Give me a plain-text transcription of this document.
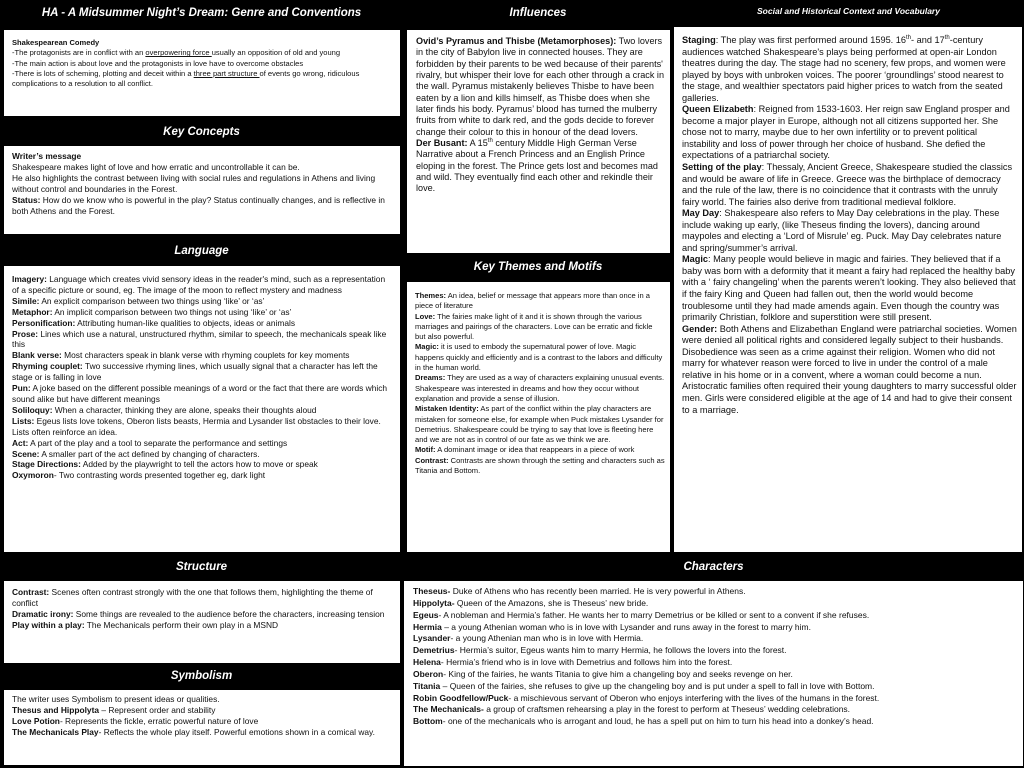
HA - A Midsummer Night’s Dream: Genre and Conventions	Influences	Social and Historical Context and Vocabulary

Shakespearean Comedy

-The protagonists are in conflict with an overpowering force usually an opposition of old and young

-The main action is about love and the protagonists in love have to overcome obstacles

-There is lots of scheming, plotting and deceit within a three part structure of events go wrong, ridiculous complications to a resolution to all conflict.

Key Concepts

Writer’s message

Shakespeare makes light of love and how erratic and uncontrollable it can be.

He also highlights the contrast between living with social rules and regulations in Athens and living without control and boundaries in the Forest.

Status: How do we know who is powerful in the play? Status continually changes, and is reflective in both Athens and the Forest.

Language

Imagery: Language which creates vivid sensory ideas in the reader's mind, such as a representation of a specific picture or sound, eg. The image of the moon to reflect mystery and madness

Simile: An explicit comparison between two things using ‘like’ or ‘as’

Metaphor: An implicit comparison between two things not using ‘like’ or ‘as’

Personification: Attributing human-like qualities to objects, ideas or animals

Prose: Lines which use a natural, unstructured rhythm, similar to speech, the mechanicals speak like this

Blank verse: Most characters speak in blank verse with rhyming couplets for key moments

Rhyming couplet: Two successive rhyming lines, which usually signal that a character has left the stage or is falling in love

Pun: A joke based on the different possible meanings of a word or the fact that there are words which sound alike but have different meanings

Soliloquy: When a character, thinking they are alone, speaks their thoughts aloud

Lists: Egeus lists love tokens, Oberon lists beasts, Hermia and Lysander list obstacles to their love. Lists often reinforce an idea.

Act: A part of the play and a tool to separate the performance and settings

Scene: A smaller part of the act defined by changing of characters.

Stage Directions: Added by the playwright to tell the actors how to move or speak

Oxymoron- Two contrasting words presented together eg, dark light

Structure

Contrast: Scenes often contrast strongly with the one that follows them, highlighting the theme of conflict

Dramatic irony: Some things are revealed to the audience before the characters, increasing tension

Play within a play: The Mechanicals perform their own play in a MSND

Symbolism

The writer uses Symbolism to present ideas or qualities.

Thesus and Hippolyta – Represent order and stability

Love Potion- Represents the fickle, erratic powerful nature of love

The Mechanicals Play- Reflects the whole play itself. Powerful emotions shown in a comical way.

Ovid’s Pyramus and Thisbe (Metamorphoses): Two lovers in the city of Babylon live in connected houses. They are forbidden by their parents to be wed because of their parents' rivalry, but whisper their love for each other through a crack in the wall. Pyramus mistakenly believes Thisbe to have been eaten by a lion and kills himself, as Thisbe does when she later finds his body. Pyramus’ blood has turned the mulberry fruits from white to dark red, and the gods decide to forever change their colour to this in honour of the dead lovers.

Der Busant: A 15th century Middle High German Verse Narrative about a French Princess and an English Prince eloping in the forest. The Prince gets lost and becomes mad and wild. They eventually find each other and rekindle their love.

Key Themes and Motifs

Themes: An idea, belief or message that appears more than once in a piece of literature

Love: The fairies make light of it and it is shown through the various marriages and pairings of the characters. Love can be erratic and fickle but also powerful.

Magic: it is used to embody the supernatural power of love. Magic happens quickly and efficiently and is a contrast to the labors and difficulty in the human world.

Dreams: They are used as a way of characters explaining unusual events. Shakespeare was interested in dreams and how they occur without explanation and provide a sense of illusion.

Mistaken Identity: As part of the conflict within the play characters are mistaken for someone else, for example when Puck mistakes Lysander for Demetrius. Shakespeare could be trying to say that love is fleeting here and we are not as in control of our fate as we think we are.

Motif: A dominant image or idea that reappears in a piece of work

Contrast: Contrasts are shown through the setting and characters such as Titania and Bottom.

Staging: The play was first performed around 1595. 16th- and 17th-century audiences watched Shakespeare's plays being performed at open-air London theatres during the day. The stage had no scenery, few props, and women were played by boys with unbroken voices. The poorer ‘groundlings’ stood nearest to the stage, and wealthier spectators paid higher prices to watch from the seated galleries.

Queen Elizabeth: Reigned from 1533-1603. Her reign saw England prosper and become a major player in Europe, although not all citizens supported her. She chose not to marry, maybe due to her own infertility or to prevent political instability and loss of power through her choice of husband. She defied the expectations of a patriarchal society.

Setting of the play: Thessaly, Ancient Greece, Shakespeare studied the classics and would be aware of life in Greece. Greece was the birthplace of democracy and the rule of the law, there is no coincidence that it contrasts with the unruly fairy world. The fairies also derive from traditional medieval folklore.

May Day: Shakespeare also refers to May Day celebrations in the play. These include waking up early, (like Theseus finding the lovers), dancing around maypoles and electing a ‘Lord of Misrule’ eg. Puck. May Day celebrates nature and spring/summer’s arrival.

Magic: Many people would believe in magic and fairies. They believed that if a baby was born with a deformity that it meant a fairy had replaced the healthy baby with a ‘ fairy changeling’ when the parents weren’t looking. They also believed that if the fairy King and Queen had fallen out, then the world would become troublesome until they had made amends again. Even though the country was primarily Christian, folklore and superstition were still present.

Gender: Both Athens and Elizabethan England were patriarchal societies. Women were denied all political rights and considered legally subject to their husbands. Disobedience was seen as a crime against their religion. Women who did not marry for whatever reason were forced to live in under the control of a male relative in his home or in a convent, where a woman could become a nun. Aristocratic families often required their young daughters to marry successful older men. Girls were considered eligible at the age of 14 and had to give their consent to a marriage.

Characters

Theseus- Duke of Athens who has recently been married. He is very powerful in Athens.

Hippolyta- Queen of the Amazons, she is Theseus’ new bride.

Egeus- A nobleman and Hermia’s father. He wants her to marry Demetrius or be killed or sent to a convent if she refuses.

Hermia – a young Athenian woman who is in love with Lysander and runs away in the forest to marry him.

Lysander- a young Athenian man who is in love with Hermia.

Demetrius- Hermia’s suitor, Egeus wants him to marry Hermia, he follows the lovers into the forest.

Helena- Hermia’s friend who is in love with Demetrius and follows him into the forest.

Oberon- King of the fairies, he wants Titania to give him a changeling boy and seeks revenge on her.

Titania – Queen of the fairies, she refuses to give up the changeling boy and is put under a spell to fall in love with Bottom.

Robin Goodfellow/Puck- a mischievous servant of Oberon who enjoys interfering with the lives of the humans in the forest.

The Mechanicals- a group of craftsmen rehearsing a play in the forest to perform at Theseus’ wedding celebrations.

Bottom- one of the mechanicals who is arrogant and loud, he has a spell put on him to turn his head into a donkey’s head.
